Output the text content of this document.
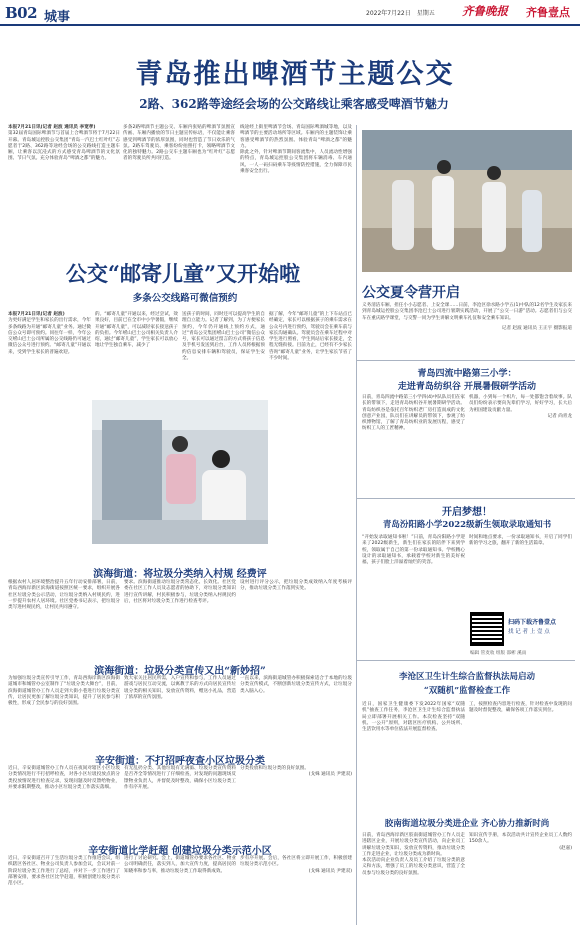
B02 城事	2022年7月22日　星期五 齐鲁晚报 齐鲁壹点
青岛推出啤酒节主题公交
2路、362路等途经会场的公交路线让乘客感受啤酒节魅力

本报7月21日讯(记者 赵波 通讯员 李宽孝)

第32届青岛国际啤酒节与首届上合啤酒节将于7月22日开幕。青岛城运控股公交集团“青岛一汽巴士红叶红”志愿者于2路、362路等途经会场的公交路线打造主题车厢，让乘客以沉浸式的方式感受青岛啤酒节的文化氛围、节日气氛。充分体验青岛“啤酒之都”的魅力。

多条2路啤酒节主题公交、车厢内张贴的啤酒节氛围宣传画、车厢内播放的节日主题宣传标语，不仅能让乘客感受到啤酒节的浓厚氛围，同时也营造了节日欢乐的气氛。2路车驾驶员、乘客纷纷拍照打卡，领略啤酒节文化的独特魅力。2路公交车主题车厢也为“红叶红”志愿者的驾驶员所共同打造。

线途经上街里啤酒节会场、青岛国际啤酒城等地，以及啤酒节的主要活动场所等区域。车厢内的主题装饰让乘客感受啤酒节的热烈氛围。体验青岛“啤酒之都”的魅力。

除此之外，针对啤酒节期间客流集中，人员流动性增强的特点，青岛城运控股公交集团将车辆消毒、车内通风、一人一码扫码乘车等疫情防控措施，全力保障市民乘客安全出行。

公交“邮寄儿童”又开始啦
多条公交线路可微信预约

本报7月21日讯(记者 赵波)

为更好满足学生和家长的出行需求，今年多条线路为开通“邮寄儿童”业务。通过微信公众号即可预约。同往年一样，今年公交崂山巴士公司所属的公交线路仍可通过微信公众号进行预约。“邮寄儿童”开通以来，受到学生家长的普遍欢迎。

的。“邮寄儿童”开通以来，经过尝试，效果良好，目前已在全市中小学暑假，继续开通“邮寄儿童”，可以减轻家长接送孩子的负担。今年崂山巴士公司相关负责人介绍，通过“邮寄儿童”，学生家长可以放心地让学生独自乘车，减少了

送孩子的时间，同时还可以提高学生的自理自立能力。记者了解到，为了方便家长预约，今年仍开通线上预约方式，通过“青岛公交集团崂山巴士公司”微信公众号，家长可以通过留言的方式将孩子信息及手机号发送到后台，工作人员将根据预约信息安排车辆和驾驶员，保证学生安全。

据了解，今年“邮寄儿童”的上下车站点已经确定，家长可以根据孩子的乘车需求在公众号内进行预约，驾驶员会在乘车前与家长沟通确认。驾驶员会在乘车过程中对学生进行照看，学生到站后家长接走，全程无缝衔接。目前为止，已经有不少家长咨询“邮寄儿童”业务，让学生家长节省了不少时间。

公交夏令营开启

义务清洁车厢、担任小小志愿者、上安全课……日前，李沧区徐水路小学五(1)中队的12名学生及家长来到青岛城运控股公交集团李沧巴士公司进行暑期实践活动，开展了“公交一日游”活动。志愿者们与公交车在重庆路学课堂，与交警一同为学生讲解文明乘车礼仪和安全乘车知识。

记者 赵波 通讯员 王正宇 摄影报道

滨海街道：将垃圾分类纳入村规 经费评

根据农村人居环境整治提升五年行动安排部署，日前，青岛西海岸新区滨海街道按照区统一要求，组织开展各社区垃圾分类公示活动，让垃圾分类纳入村规民约，进一步提升农村人居环境。社区党委书记表示，把垃圾分类写进村规民约，让村民共同遵守。

要求。滨海街道推动垃圾分类常态化、长效化。社区党委在社区工作人员及志愿者的协助下，对垃圾分类知识进行宣传讲解，村民积极参与，垃圾分类纳入村规民约后，社区将对垃圾分类工作进行检查考评。

设村进行评分公示，把垃圾分类成效纳入年度考核评分，推动垃圾分类工作落到实处。

滨海街道：垃圾分类宣传又出“新妙招”

为加强垃圾分类宣传引导工作，青岛西海岸新区滨海街道城市和城管办公室制作了“垃圾分类大舞台”，目前，滨海街道城管办工作人员走到大街小巷进行垃圾分类宣传，让居民更加了解垃圾分类知识，提升了居民参与积极性，形成了全民参与的良好氛围。

致大家关注居民所需，入户宣传和参与，工作人员通过游戏与居民互动交流，以寓教于乐的方式向居民宣传垃圾分类的相关知识，发放宣传资料，赠送小礼品，营造了浓厚的宣传氛围。

一直以来，滨海街道城管办积极探索适合于本地的垃圾分类宣传模式，不断创新垃圾分类宣传方式，让垃圾分类入脑入心。

辛安街道：不打招呼夜查小区垃圾分类

近日，辛安街道城管办工作人员在夜间对辖区小区垃圾分类情况进行不打招呼检查，对各小区垃圾投放点的分类投放情况进行检查记录，发现问题及时反馈给物业，并要求限期整改，推动小区垃圾分类工作落实落细。

有无乱扔分类、其他垃圾有无满溢、垃圾分类宣传资料是否齐全等情况进行了仔细检查，对发现的问题现场反馈物业负责人，并督促及时整改，确保小区垃圾分类工作有序开展。

分类投放和垃圾分类的良好氛围。

(戈姝 通讯员 尹建双)

辛安街道比学赶超 创建垃圾分类示范小区

近日，辛安街道召开了生活垃圾分类工作推进会议，组织辖区各社区、物业公司负责人参加会议，会议对前一阶段垃圾分类工作进行了总结，并对下一步工作进行了部署安排，要求各社区比学赶超，积极创建垃圾分类示范小区。

进行了讨论研究。会上，街道城管办要求各社区、物业公司明确责任，落实到人，加大宣传力度，提高居民的知晓率和参与率，推动垃圾分类工作取得新成效。

步有序开展。会后，各社区将立即开展工作，积极创建垃圾分类示范小区。

(戈姝 通讯员 尹建双)

青岛四流中路第三小学：
走进青岛纺织谷 开展暑假研学活动

日前，青岛四流中路第三小学四(4)中队队员们在家长的带领下，走进青岛纺织谷开展暑期研学活动。青岛纺织谷是依托百年纺织老厂房打造而成的文化创意产业园，队员们在讲解员的带领下，参观了纺织博物馆，了解了青岛纺织业的发展历程，感受了纺织工人的工匠精神。

机器，小到每一个织片，每一处都饱含着故事。队员们纷纷表示要向先辈们学习，好好学习，长大后为祖国建设贡献力量。

记者 尚青龙

开启梦想！
青岛汾阳路小学2022级新生领取录取通知书

“开始发录取通知书啦！”日前，青岛汾阳路小学迎来了2022级新生，新生们在家长的陪伴下来到学校，领取属于自己的第一份录取通知书。学校精心设计的录取通知书，承载着学校对新生的美好祝福，孩子们脸上洋溢着灿烂的笑容。

时间和地点要求，一份录取通知书，开启了同学们新的学习之旅，翻开了新的生活篇章。

扫码下载齐鲁壹点
找 记 者 上 壹 点
编辑 管麦收 组版 邵彬 溪雨
李沧区卫生计生综合监督执法局启动
“双随机”监督检查工作

近日，国家卫生健康委下发2022年国家“双随机”抽查工作任务，李沧区卫生计生综合监督执法局立即部署开展相关工作。本次检查坚持“双随机、一公开”原则，对辖区医疗机构、公共场所、生活饮用水等单位依法开展监督检查。

工，按照检查内容进行检查，针对检查中发现的问题及时督促整改，确保各项工作落实到位。

胶南街道垃圾分类进企业 齐心协力推新时尚

日前，青岛西海岸新区胶南街道城管办工作人员走进辖区企业，开展垃圾分类宣传活动，向企业员工讲解垃圾分类知识，发放宣传资料，推动垃圾分类工作走进企业，让垃圾分类成为新时尚。

本次活动向企业负责人及员工介绍了垃圾分类的意义和方法，增强了员工的垃圾分类意识，营造了全员参与垃圾分类的良好氛围。

知识宣传手册，本次活动共计宣传企业员工人数约150余人。

(赵嘉)
